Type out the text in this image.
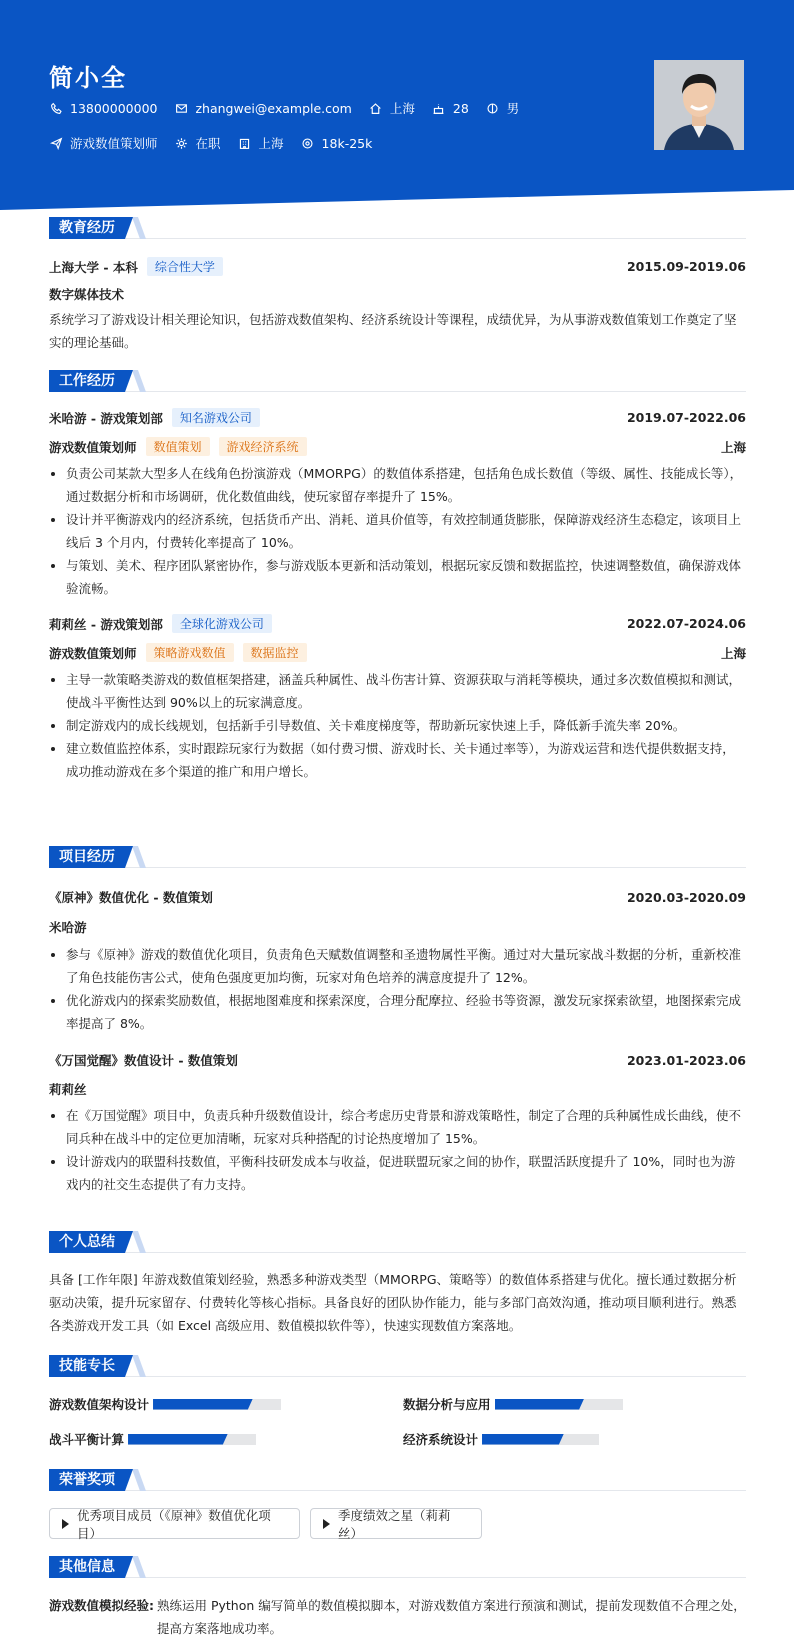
简小全
13800000000	zhangwei@example.com	上海	28	男
游戏数值策划师	在职	上海	18k-25k
教育经历
上海大学 - 本科	综合性大学	2015.09-2019.06
数字媒体技术
系统学习了游戏设计相关理论知识，包括游戏数值架构、经济系统设计等课程，成绩优异，为从事游戏数值策划工作奠定了坚实的理论基础。
工作经历
米哈游 - 游戏策划部	知名游戏公司	2019.07-2022.06
游戏数值策划师	数值策划	游戏经济系统	上海
负责公司某款大型多人在线角色扮演游戏（MMORPG）的数值体系搭建，包括角色成长数值（等级、属性、技能成长等），通过数据分析和市场调研，优化数值曲线，使玩家留存率提升了 15%。
设计并平衡游戏内的经济系统，包括货币产出、消耗、道具价值等，有效控制通货膨胀，保障游戏经济生态稳定，该项目上线后 3 个月内，付费转化率提高了 10%。
与策划、美术、程序团队紧密协作，参与游戏版本更新和活动策划，根据玩家反馈和数据监控，快速调整数值，确保游戏体验流畅。
莉莉丝 - 游戏策划部	全球化游戏公司	2022.07-2024.06
游戏数值策划师	策略游戏数值	数据监控	上海
主导一款策略类游戏的数值框架搭建，涵盖兵种属性、战斗伤害计算、资源获取与消耗等模块，通过多次数值模拟和测试，使战斗平衡性达到 90%以上的玩家满意度。
制定游戏内的成长线规划，包括新手引导数值、关卡难度梯度等，帮助新玩家快速上手，降低新手流失率 20%。
建立数值监控体系，实时跟踪玩家行为数据（如付费习惯、游戏时长、关卡通过率等），为游戏运营和迭代提供数据支持，成功推动游戏在多个渠道的推广和用户增长。
项目经历
《原神》数值优化 - 数值策划	2020.03-2020.09
米哈游
参与《原神》游戏的数值优化项目，负责角色天赋数值调整和圣遗物属性平衡。通过对大量玩家战斗数据的分析，重新校准了角色技能伤害公式，使角色强度更加均衡，玩家对角色培养的满意度提升了 12%。
优化游戏内的探索奖励数值，根据地图难度和探索深度，合理分配摩拉、经验书等资源，激发玩家探索欲望，地图探索完成率提高了 8%。
《万国觉醒》数值设计 - 数值策划	2023.01-2023.06
莉莉丝
在《万国觉醒》项目中，负责兵种升级数值设计，综合考虑历史背景和游戏策略性，制定了合理的兵种属性成长曲线，使不同兵种在战斗中的定位更加清晰，玩家对兵种搭配的讨论热度增加了 15%。
设计游戏内的联盟科技数值，平衡科技研发成本与收益，促进联盟玩家之间的协作，联盟活跃度提升了 10%，同时也为游戏内的社交生态提供了有力支持。
个人总结
具备 [工作年限] 年游戏数值策划经验，熟悉多种游戏类型（MMORPG、策略等）的数值体系搭建与优化。擅长通过数据分析驱动决策，提升玩家留存、付费转化等核心指标。具备良好的团队协作能力，能与多部门高效沟通，推动项目顺利进行。熟悉各类游戏开发工具（如 Excel 高级应用、数值模拟软件等），快速实现数值方案落地。
技能专长
游戏数值架构设计	数据分析与应用
战斗平衡计算	经济系统设计
荣誉奖项
优秀项目成员（《原神》数值优化项目）
季度绩效之星（莉莉丝）
其他信息
游戏数值模拟经验: 熟练运用 Python 编写简单的数值模拟脚本，对游戏数值方案进行预演和测试，提前发现数值不合理之处，提高方案落地成功率。
